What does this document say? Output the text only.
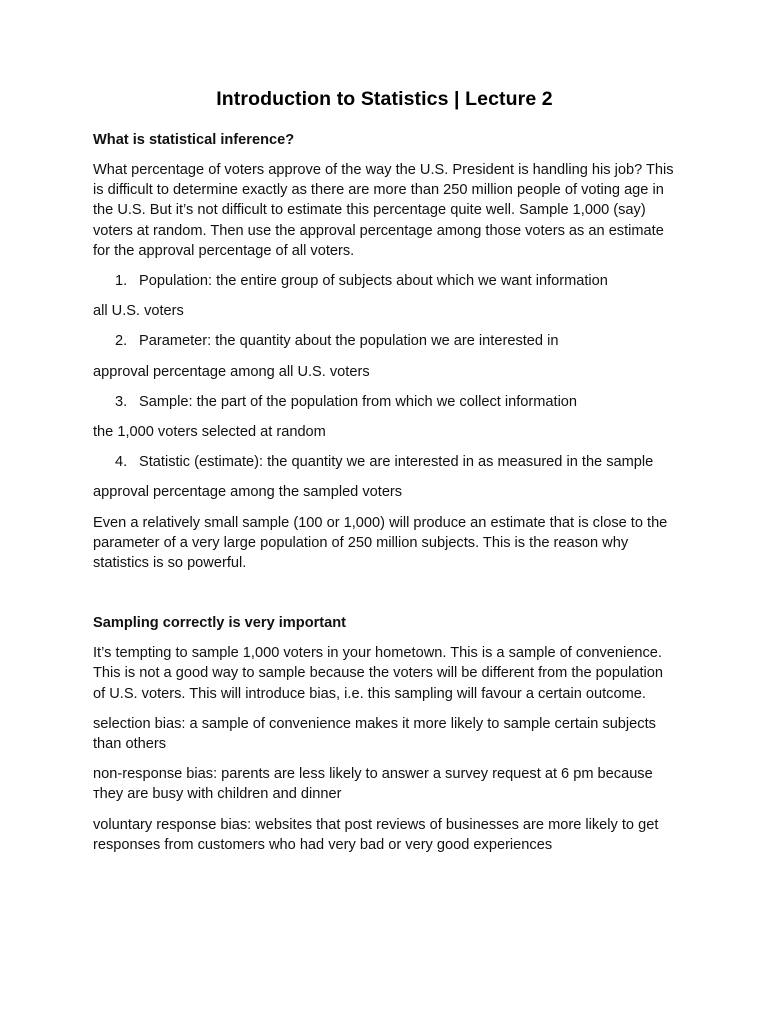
Introduction to Statistics | Lecture 2
What is statistical inference?

What percentage of voters approve of the way the U.S. President is handling his job? This is difficult to determine exactly as there are more than 250 million people of voting age in the U.S. But it’s not difficult to estimate this percentage quite well. Sample 1,000 (say) voters at random. Then use the approval percentage among those voters as an estimate for the approval percentage of all voters.

1. Population: the entire group of subjects about which we want information
all U.S. voters
2. Parameter: the quantity about the population we are interested in
approval percentage among all U.S. voters
3. Sample: the part of the population from which we collect information
the 1,000 voters selected at random
4. Statistic (estimate): the quantity we are interested in as measured in the sample
approval percentage among the sampled voters

Even a relatively small sample (100 or 1,000) will produce an estimate that is close to the parameter of a very large population of 250 million subjects. This is the reason why statistics is so powerful.

Sampling correctly is very important

It’s tempting to sample 1,000 voters in your hometown. This is a sample of convenience. This is not a good way to sample because the voters will be different from the population of U.S. voters. This will introduce bias, i.e. this sampling will favour a certain outcome.

selection bias: a sample of convenience makes it more likely to sample certain subjects than others

non-response bias: parents are less likely to answer a survey request at 6 pm because ᴛhey are busy with children and dinner

voluntary response bias: websites that post reviews of businesses are more likely to get responses from customers who had very bad or very good experiences
